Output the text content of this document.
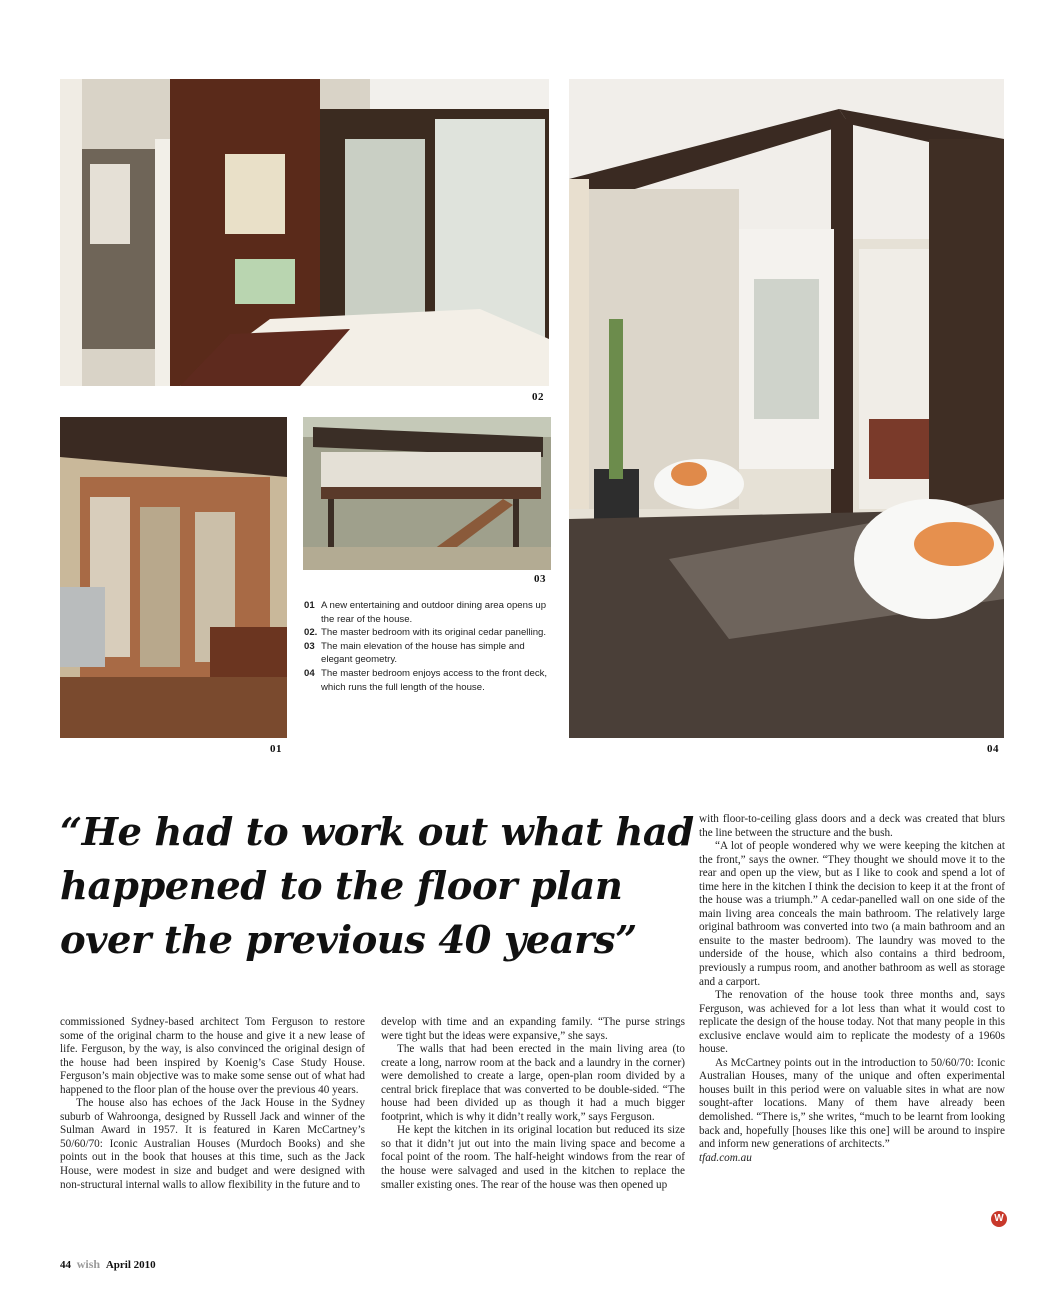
02
01
03
04
01 A new entertaining and outdoor dining area opens up the rear of the house.
02. The master bedroom with its original cedar panelling.
03 The main elevation of the house has simple and elegant geometry.
04 The master bedroom enjoys access to the front deck, which runs the full length of the house.
“He had to work out what had happened to the floor plan over the previous 40 years”

commissioned Sydney-based architect Tom Ferguson to restore some of the original charm to the house and give it a new lease of life. Ferguson, by the way, is also convinced the original design of the house had been inspired by Koenig’s Case Study House. Ferguson’s main objective was to make some sense out of what had happened to the floor plan of the house over the previous 40 years.

The house also has echoes of the Jack House in the Sydney suburb of Wahroonga, designed by Russell Jack and winner of the Sulman Award in 1957. It is featured in Karen McCartney’s 50/60/70: Iconic Australian Houses (Murdoch Books) and she points out in the book that houses at this time, such as the Jack House, were modest in size and budget and were designed with non-structural internal walls to allow flexibility in the future and to

develop with time and an expanding family. “The purse strings were tight but the ideas were expansive,” she says.

The walls that had been erected in the main living area (to create a long, narrow room at the back and a laundry in the corner) were demolished to create a large, open-plan room divided by a central brick fireplace that was converted to be double-sided. “The house had been divided up as though it had a much bigger footprint, which is why it didn’t really work,” says Ferguson.

He kept the kitchen in its original location but reduced its size so that it didn’t jut out into the main living space and become a focal point of the room. The half-height windows from the rear of the house were salvaged and used in the kitchen to replace the smaller existing ones. The rear of the house was then opened up

with floor-to-ceiling glass doors and a deck was created that blurs the line between the structure and the bush.

“A lot of people wondered why we were keeping the kitchen at the front,” says the owner. “They thought we should move it to the rear and open up the view, but as I like to cook and spend a lot of time here in the kitchen I think the decision to keep it at the front of the house was a triumph.” A cedar-panelled wall on one side of the main living area conceals the main bathroom. The relatively large original bathroom was converted into two (a main bathroom and an ensuite to the master bedroom). The laundry was moved to the underside of the house, which also contains a third bedroom, previously a rumpus room, and another bathroom as well as storage and a carport.

The renovation of the house took three months and, says Ferguson, was achieved for a lot less than what it would cost to replicate the design of the house today. Not that many people in this exclusive enclave would aim to replicate the modesty of a 1960s house.

As McCartney points out in the introduction to 50/60/70: Iconic Australian Houses, many of the unique and often experimental houses built in this period were on valuable sites in what are now sought-after locations. Many of them have already been demolished. “There is,” she writes, “much to be learnt from looking back and, hopefully [houses like this one] will be around to inspire and inform new generations of architects.”

tfad.com.au

W
44 wish April 2010
